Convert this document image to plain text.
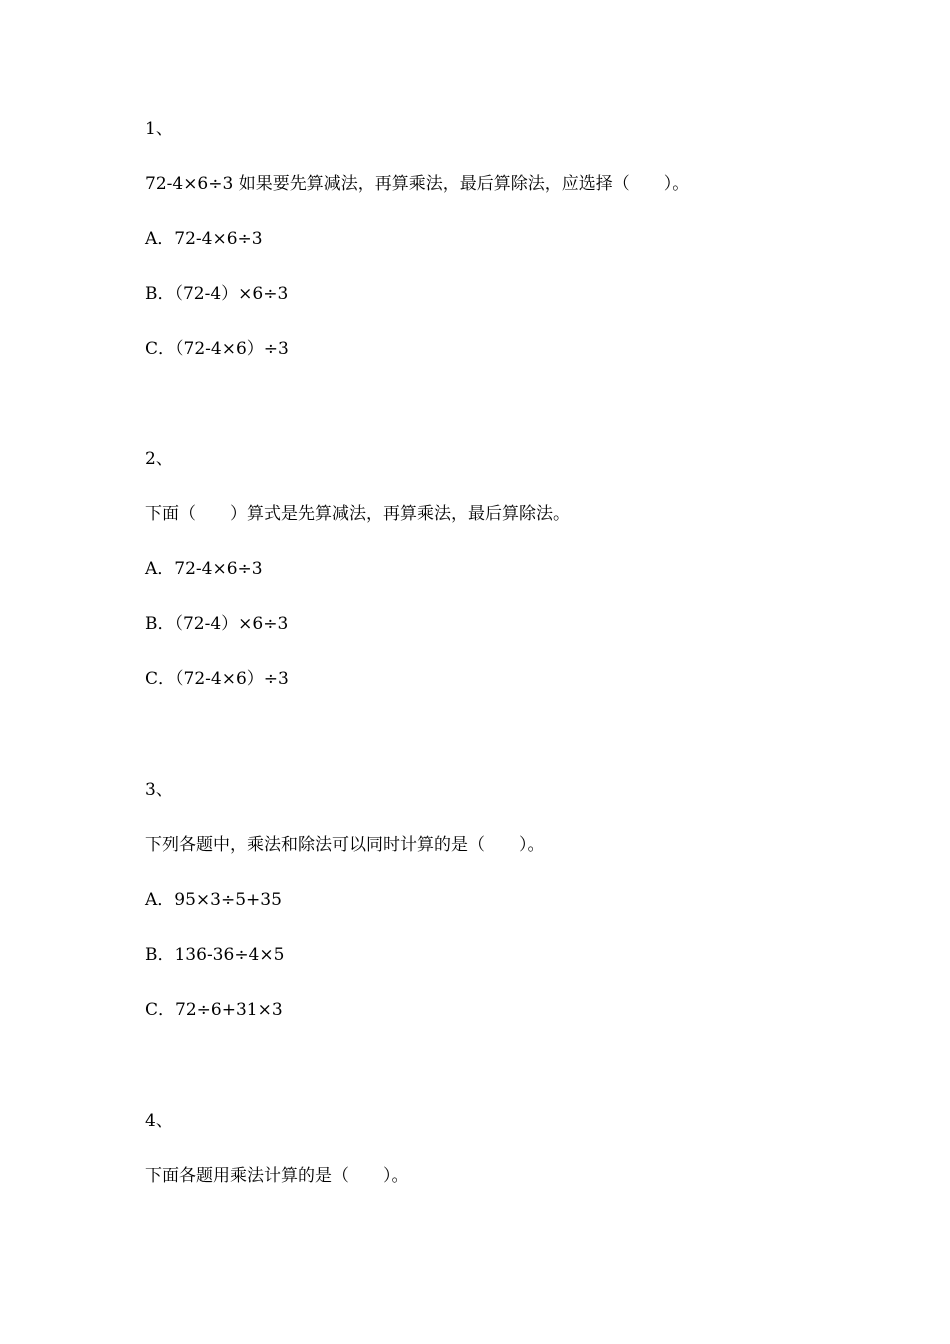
1、
72-4×6÷3 如果要先算减法，再算乘法，最后算除法，应选择（　　）。
A．72-4×6÷3
B．（72-4）×6÷3
C．（72-4×6）÷3
2、
下面（　　）算式是先算减法，再算乘法，最后算除法。
A．72-4×6÷3
B．（72-4）×6÷3
C．（72-4×6）÷3
3、
下列各题中，乘法和除法可以同时计算的是（　　）。
A．95×3÷5+35
B．136-36÷4×5
C．72÷6+31×3
4、
下面各题用乘法计算的是（　　）。
